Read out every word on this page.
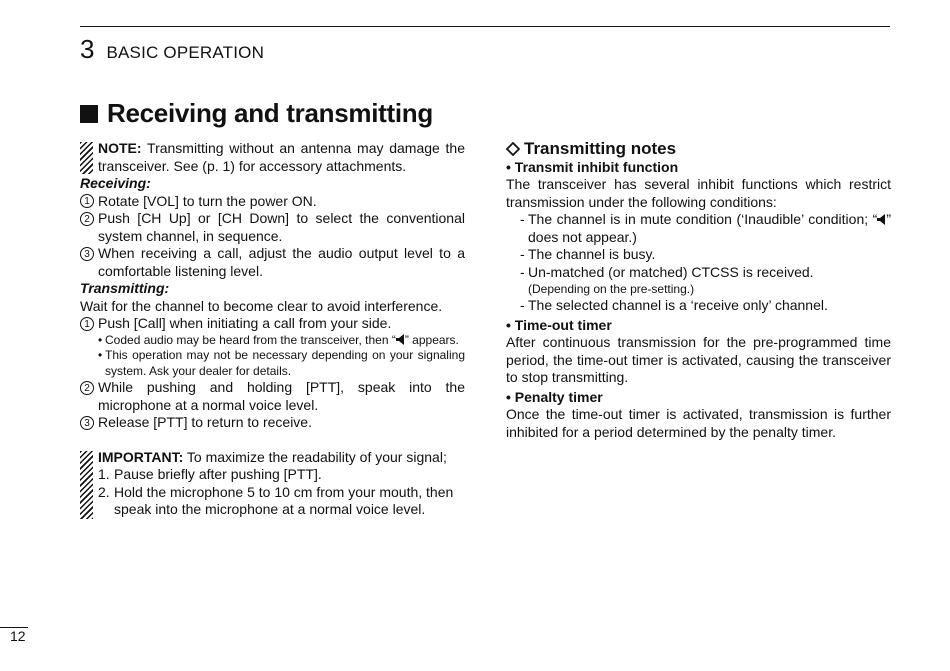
3 BASIC OPERATION
Receiving and transmitting

NOTE: Transmitting without an antenna may damage the transceiver. See (p. 1) for accessory attachments.

Receiving:

1 Rotate [VOL] to turn the power ON.
2 Push [CH Up] or [CH Down] to select the conventional system channel, in sequence.
3 When receiving a call, adjust the audio output level to a comfortable listening level.

Transmitting:

Wait for the channel to become clear to avoid interference.

1 Push [Call] when initiating a call from your side.
• Coded audio may be heard from the transceiver, then “ ” appears.
• This operation may not be necessary depending on your signaling system. Ask your dealer for details.
2 While pushing and holding [PTT], speak into the microphone at a normal voice level.
3 Release [PTT] to return to receive.

IMPORTANT: To maximize the readability of your signal;

1. Pause briefly after pushing [PTT].
2. Hold the microphone 5 to 10 cm from your mouth, then speak into the microphone at a normal voice level.
Transmitting notes

• Transmit inhibit function

The transceiver has several inhibit functions which restrict transmission under the following conditions:

- The channel is in mute condition (‘Inaudible’ condition; “ ” does not appear.)
- The channel is busy.
- Un-matched (or matched) CTCSS is received.

(Depending on the pre-setting.)

- The selected channel is a ‘receive only’ channel.

• Time-out timer

After continuous transmission for the pre-programmed time period, the time-out timer is activated, causing the transceiver to stop transmitting.

• Penalty timer

Once the time-out timer is activated, transmission is further inhibited for a period determined by the penalty timer.

12
